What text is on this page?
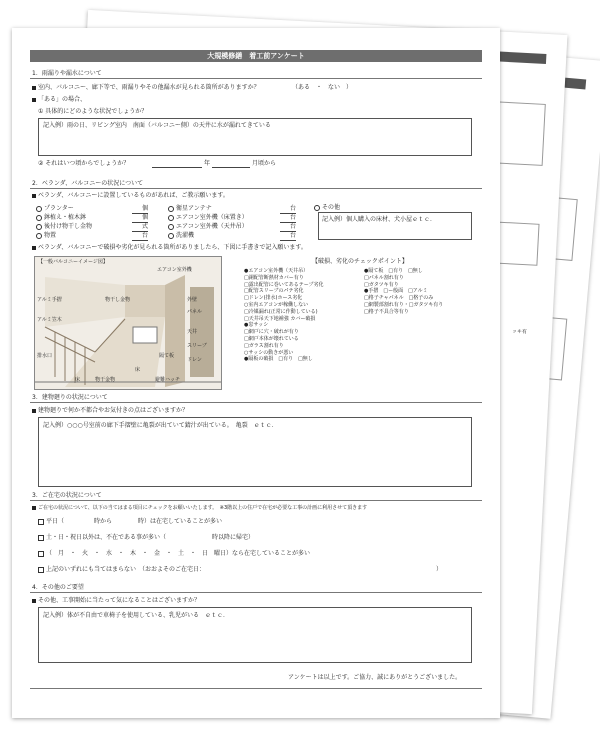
ッキ有
大規模修繕　着工前アンケート
1．雨漏りや漏水について
室内、バルコニー、廊下等で、雨漏りやその他漏水が見られる箇所がありますか？	（ある　・　ない　）
「ある」の場合、
① 具体的にどのような状況でしょうか？
記入例）雨の日、リビング室内　南面（バルコニー側）の天井に水が漏れてきている
② それはいつ頃からでしょうか？	年	月頃から
2．ベランダ、バルコニーの状況について
ベランダ、バルコニーに設置しているものがあれば、ご教示願います。
プランター	個
鉢植え・植木鉢	個
後付け物干し金物	式
物置	台
衛星アンテナ	台
エアコン室外機（床置き）	台
エアコン室外機（天井吊）	台
洗濯機	台
その他
記入例）個人購入の床材、犬小屋ｅｔｃ．
ベランダ、バルコニーで破損や劣化が見られる箇所がありましたら、下図に手書きで記入願います。
【一般バルコニーイメージ図】
エアコン室外機
アルミ手摺
パネル
天井
外壁
床
排水口
物干し金物
隔て板
床
スリーブ
ドレン
アルミ笠木
物干金物	避難ハッチ
【破損、劣化のチェックポイント】
●エアコン室外機（天井吊）
□銅配管断熱材カバー有り
□露出配管に巻いてあるテープ劣化
□配管スリーブのパテ劣化
□ドレン(排水)ホース劣化
○室内エアコンが稼働しない
□冷媒漏れ(正常に作動している)
□天井吊天下地補強 カバー破損
●窓サッシ
□網戸に穴・破れが有り
□網戸本体が壊れている
□ガラス割れ有り
○サッシの動きが悪い
●隔板の破損　□有り　□無し
●隔て板　□有り　□無し
□パネル割れ有り
□ガタツキ有り
●手摺　□ー般面　□アルミ
□格子チャパネル　□格子のみ
□網製部割れ有り・□ガタツキ有り
□格子不具合等有り
3．建物廻りの状況について
建物廻りで何か不都合やお気付きの点はございますか？
記入例）○○○号室前の廊下手摺壁に亀裂が出ていて錆汁が出ている。　亀裂　ｅｔｃ．
3．ご在宅の状況について
ご在宅の状況について、以下の当てはまる項目にチェックをお願いいたします。　※3階以上の住戸で在宅が必要な工事の計画に利用させて頂きます
平日（	時から	時）は在宅していることが多い
土・日・祝日以外は、不在である事が多い（	時以降に帰宅）
（　月　・　火　・　水　・　木　・　金　・　土　・　日　曜日）なら在宅していることが多い
上記のいずれにも当てはまらない　（おおよそのご在宅日：	）
4．その他のご要望
その他、工事開始に当たって気になることはございますか？
記入例）体が不自由で車椅子を使用している、乳児がいる　ｅｔｃ．
アンケートは以上です。ご協力、誠にありがとうございました。
